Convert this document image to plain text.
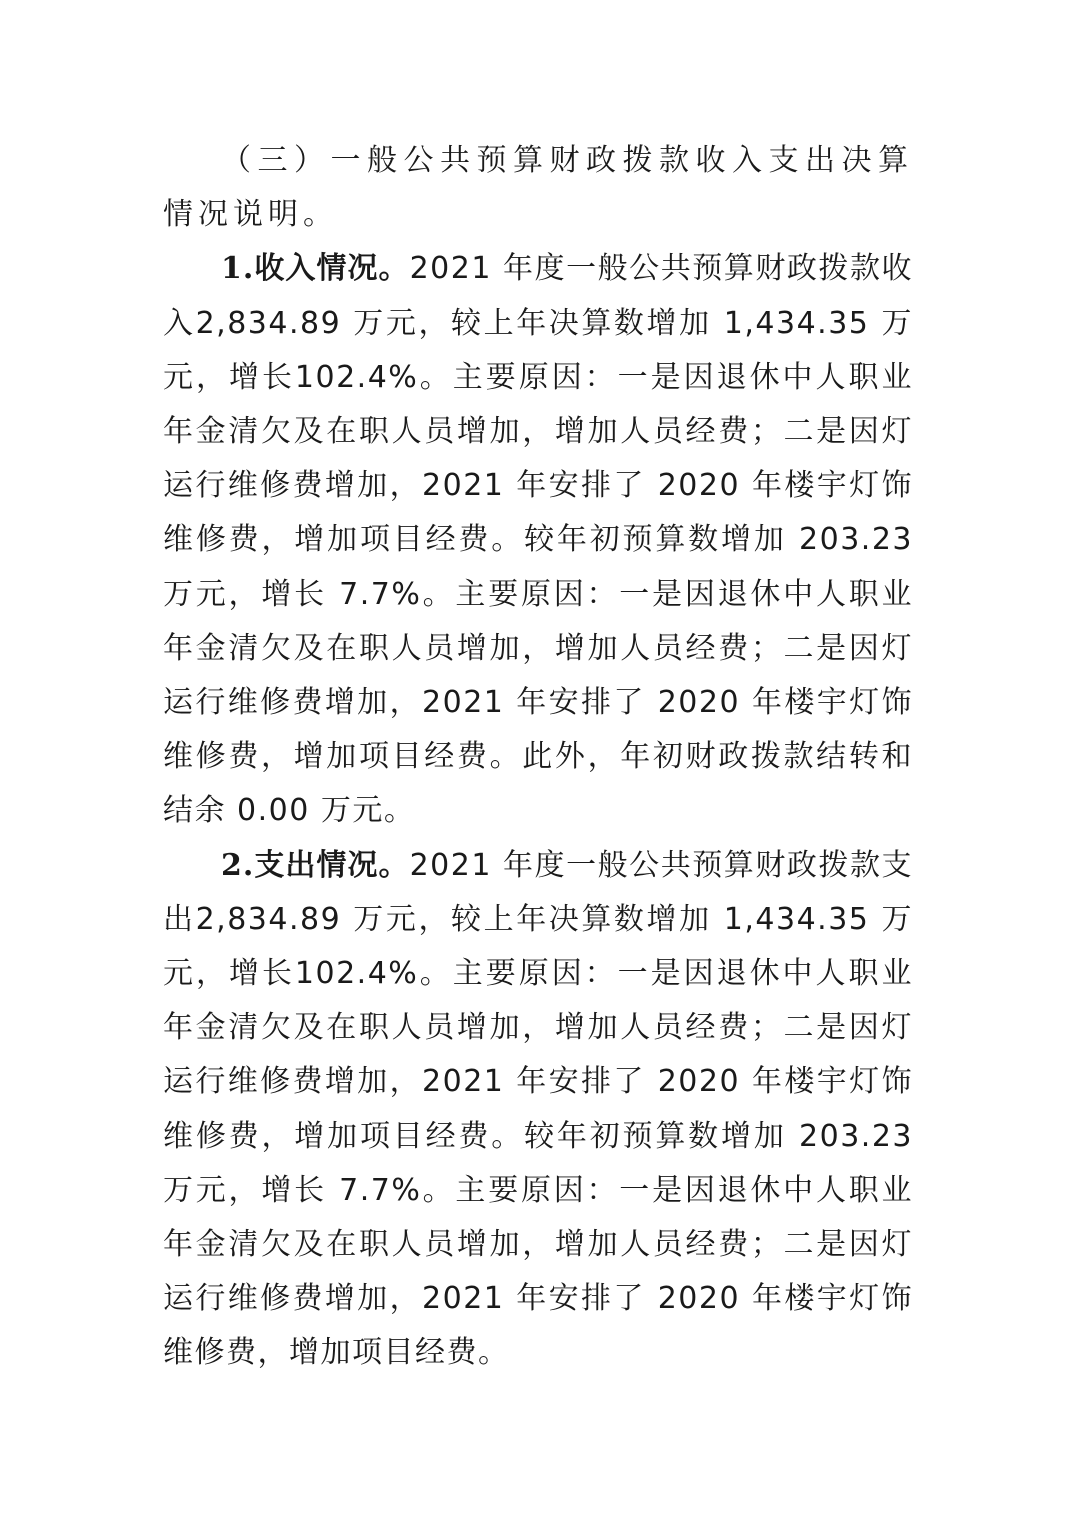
（三）一般公共预算财政拨款收入支出决算情况说明。

1.收入情况。2021 年度一般公共预算财政拨款收入2,834.89 万元，较上年决算数增加 1,434.35 万元，增长102.4%。主要原因：一是因退休中人职业年金清欠及在职人员增加，增加人员经费；二是因灯运行维修费增加，2021 年安排了 2020 年楼宇灯饰维修费，增加项目经费。较年初预算数增加 203.23 万元，增长 7.7%。主要原因：一是因退休中人职业年金清欠及在职人员增加，增加人员经费；二是因灯运行维修费增加，2021 年安排了 2020 年楼宇灯饰维修费，增加项目经费。此外，年初财政拨款结转和结余 0.00 万元。

2.支出情况。2021 年度一般公共预算财政拨款支出2,834.89 万元，较上年决算数增加 1,434.35 万元，增长102.4%。主要原因：一是因退休中人职业年金清欠及在职人员增加，增加人员经费；二是因灯运行维修费增加，2021 年安排了 2020 年楼宇灯饰维修费，增加项目经费。较年初预算数增加 203.23 万元，增长 7.7%。主要原因：一是因退休中人职业年金清欠及在职人员增加，增加人员经费；二是因灯运行维修费增加，2021 年安排了 2020 年楼宇灯饰维修费，增加项目经费。
